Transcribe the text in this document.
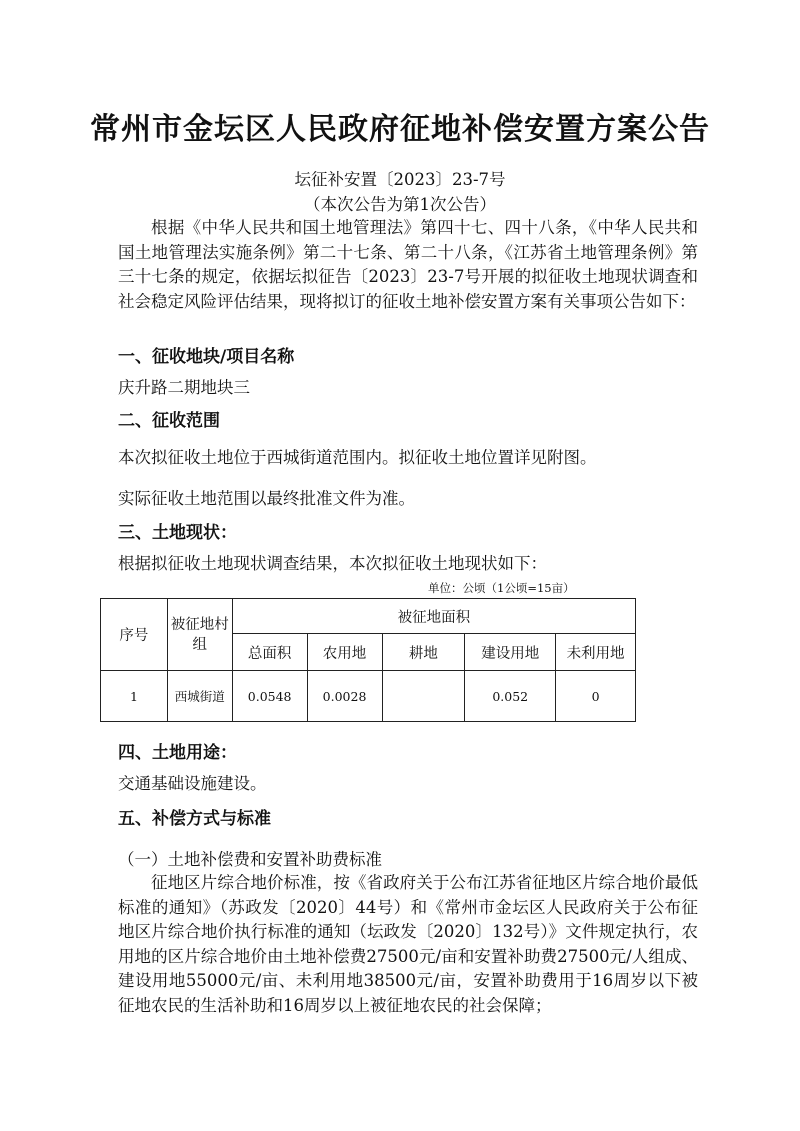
常州市金坛区人民政府征地补偿安置方案公告
坛征补安置〔2023〕23-7号
（本次公告为第1次公告）
根据《中华人民共和国土地管理法》第四十七、四十八条，《中华人民共和国土地管理法实施条例》第二十七条、第二十八条，《江苏省土地管理条例》第三十七条的规定，依据坛拟征告〔2023〕23-7号开展的拟征收土地现状调查和社会稳定风险评估结果，现将拟订的征收土地补偿安置方案有关事项公告如下：
一、征收地块/项目名称
庆升路二期地块三
二、征收范围
本次拟征收土地位于西城街道范围内。拟征收土地位置详见附图。
实际征收土地范围以最终批准文件为准。
三、土地现状：
根据拟征收土地现状调查结果，本次拟征收土地现状如下：
单位：公顷（1公顷=15亩）
序号	被征地村组	被征地面积				
		总面积	农用地	耕地	建设用地	未利用地
1	西城街道	0.0548	0.0028		0.052	0
四、土地用途：
交通基础设施建设。
五、补偿方式与标准
（一）土地补偿费和安置补助费标准
征地区片综合地价标准，按《省政府关于公布江苏省征地区片综合地价最低标准的通知》（苏政发〔2020〕44号）和《常州市金坛区人民政府关于公布征地区片综合地价执行标准的通知（坛政发〔2020〕132号）》文件规定执行，农用地的区片综合地价由土地补偿费27500元/亩和安置补助费27500元/人组成、建设用地55000元/亩、未利用地38500元/亩，安置补助费用于16周岁以下被征地农民的生活补助和16周岁以上被征地农民的社会保障；
